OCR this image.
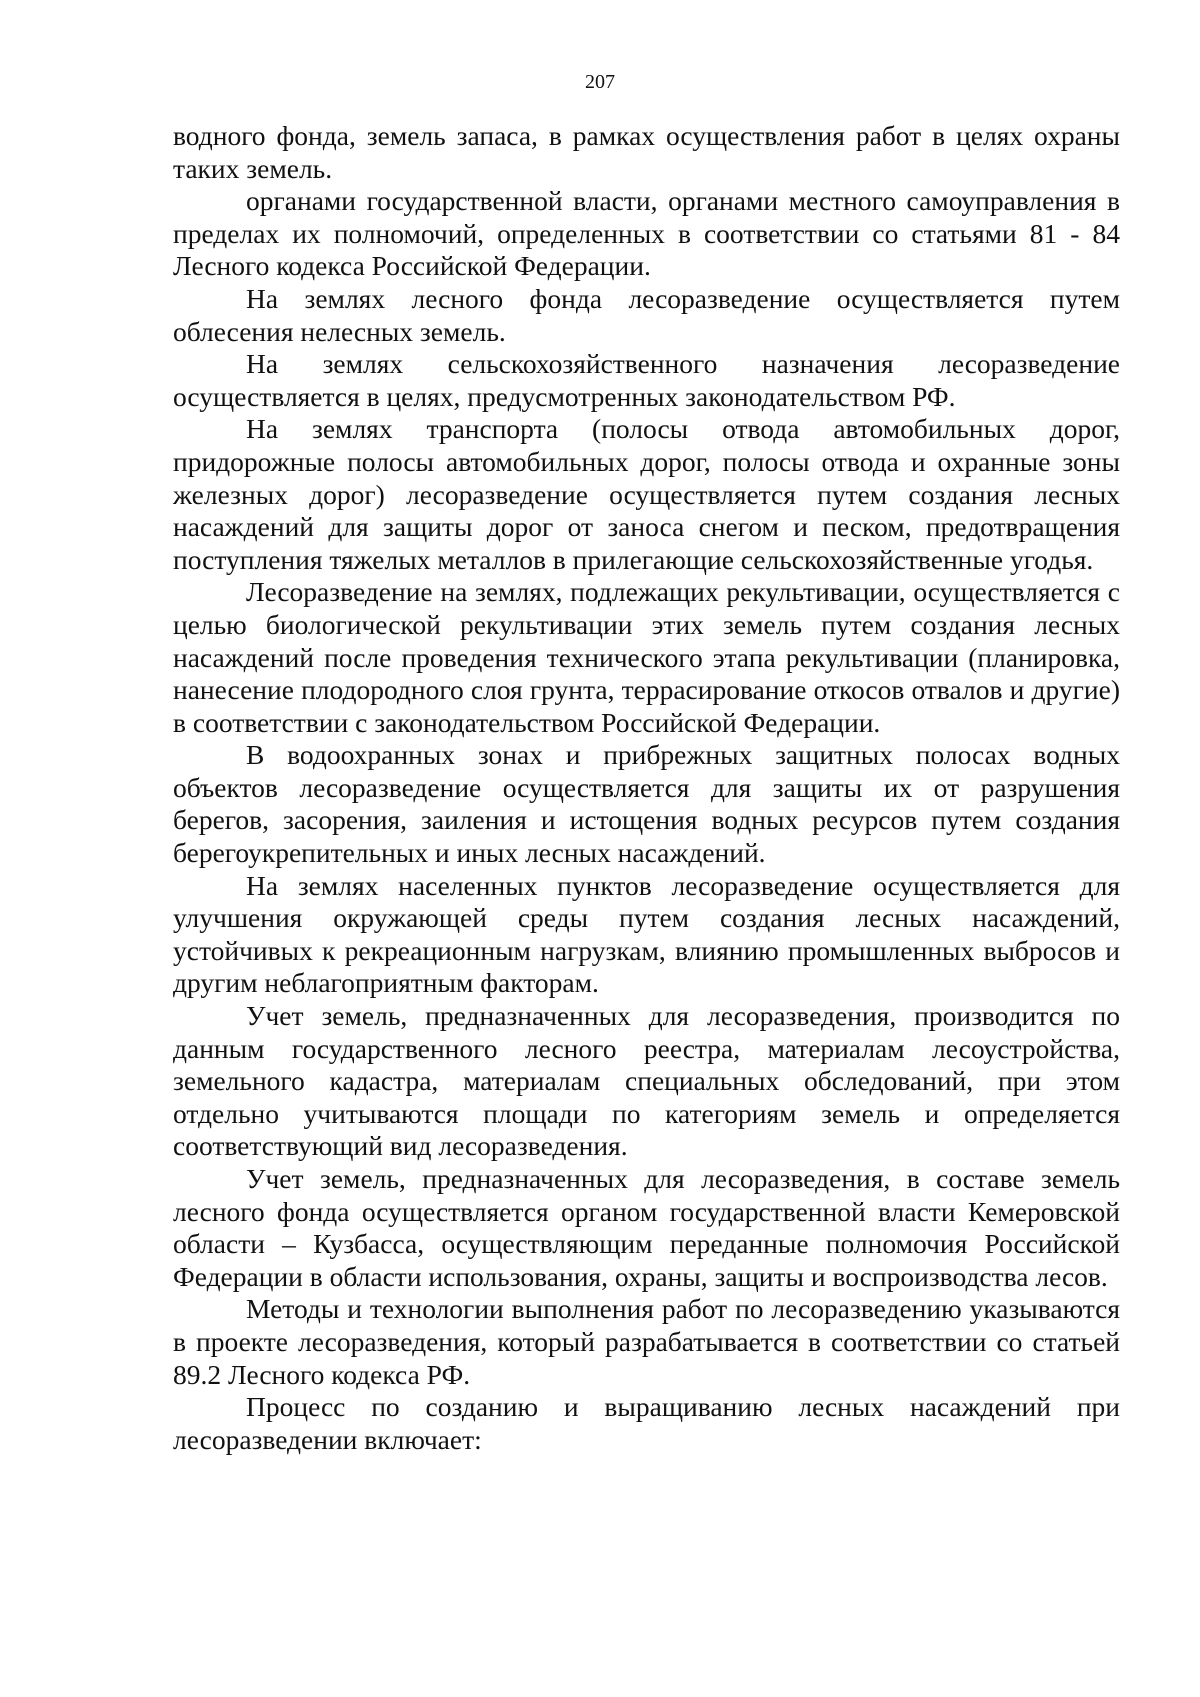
207

водного фонда, земель запаса, в рамках осуществления работ в целях охраны таких земель.

органами государственной власти, органами местного самоуправления в пределах их полномочий, определенных в соответствии со статьями 81 - 84 Лесного кодекса Российской Федерации.

На землях лесного фонда лесоразведение осуществляется путем облесения нелесных земель.

На землях сельскохозяйственного назначения лесоразведение осуществляется в целях, предусмотренных законодательством РФ.

На землях транспорта (полосы отвода автомобильных дорог, придорожные полосы автомобильных дорог, полосы отвода и охранные зоны железных дорог) лесоразведение осуществляется путем создания лесных насаждений для защиты дорог от заноса снегом и песком, предотвращения поступления тяжелых металлов в прилегающие сельскохозяйственные угодья.

Лесоразведение на землях, подлежащих рекультивации, осуществляется с целью биологической рекультивации этих земель путем создания лесных насаждений после проведения технического этапа рекультивации (планировка, нанесение плодородного слоя грунта, террасирование откосов отвалов и другие) в соответствии с законодательством Российской Федерации.

В водоохранных зонах и прибрежных защитных полосах водных объектов лесоразведение осуществляется для защиты их от разрушения берегов, засорения, заиления и истощения водных ресурсов путем создания берегоукрепительных и иных лесных насаждений.

На землях населенных пунктов лесоразведение осуществляется для улучшения окружающей среды путем создания лесных насаждений, устойчивых к рекреационным нагрузкам, влиянию промышленных выбросов и другим неблагоприятным факторам.

Учет земель, предназначенных для лесоразведения, производится по данным государственного лесного реестра, материалам лесоустройства, земельного кадастра, материалам специальных обследований, при этом отдельно учитываются площади по категориям земель и определяется соответствующий вид лесоразведения.

Учет земель, предназначенных для лесоразведения, в составе земель лесного фонда осуществляется органом государственной власти Кемеровской области – Кузбасса, осуществляющим переданные полномочия Российской Федерации в области использования, охраны, защиты и воспроизводства лесов.

Методы и технологии выполнения работ по лесоразведению указываются в проекте лесоразведения, который разрабатывается в соответствии со статьей 89.2 Лесного кодекса РФ.

Процесс по созданию и выращиванию лесных насаждений при лесоразведении включает:
